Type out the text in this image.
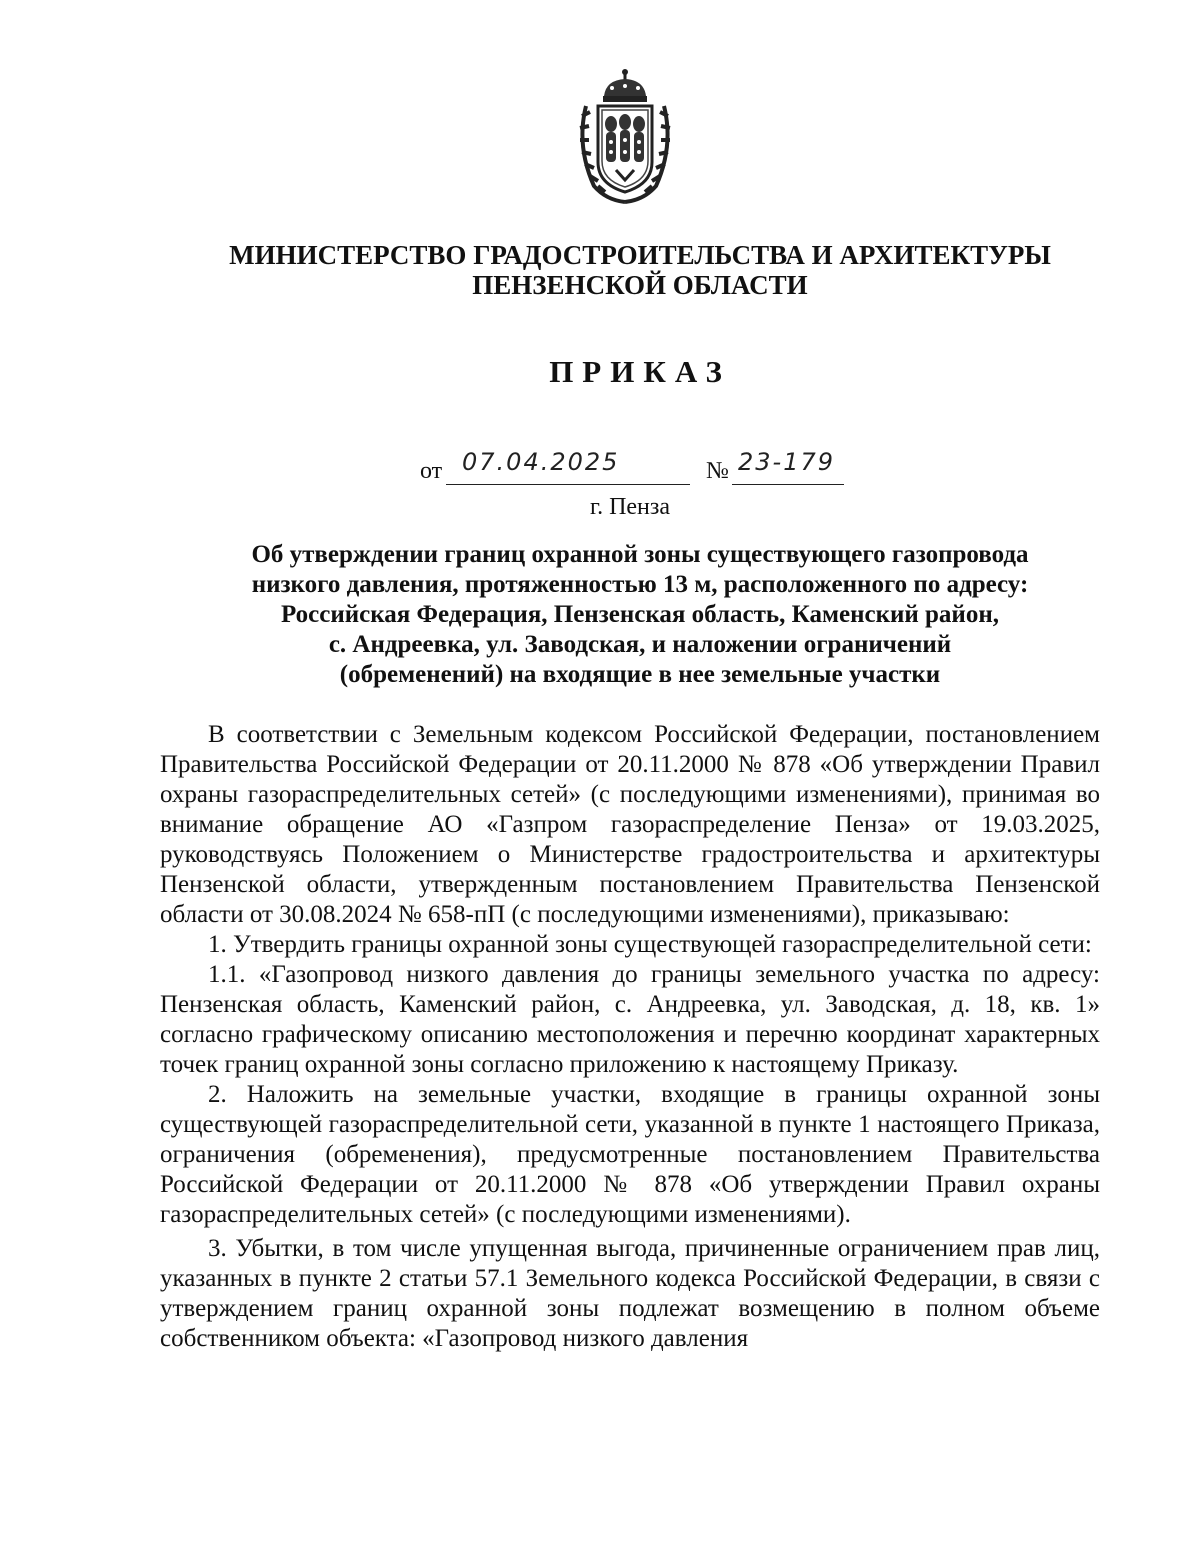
МИНИСТЕРСТВО ГРАДОСТРОИТЕЛЬСТВА И АРХИТЕКТУРЫ
ПЕНЗЕНСКОЙ ОБЛАСТИ
ПРИКАЗ
от 07.04.2025	№ 23-179
г. Пенза
Об утверждении границ охранной зоны существующего газопровода
низкого давления, протяженностью 13 м, расположенного по адресу:
Российская Федерация, Пензенская область, Каменский район,
с. Андреевка, ул. Заводская, и наложении ограничений
(обременений) на входящие в нее земельные участки

В соответствии с Земельным кодексом Российской Федерации, постановлением Правительства Российской Федерации от 20.11.2000 № 878 «Об утверждении Правил охраны газораспределительных сетей» (с последующими изменениями), принимая во внимание обращение АО «Газпром газораспределение Пенза» от 19.03.2025, руководствуясь Положением о Министерстве градостроительства и архитектуры Пензенской области, утвержденным постановлением Правительства Пензенской области от 30.08.2024 № 658-пП (с последующими изменениями), приказываю:

1. Утвердить границы охранной зоны существующей газораспределительной сети:

1.1. «Газопровод низкого давления до границы земельного участка по адресу: Пензенская область, Каменский район, с. Андреевка, ул. Заводская, д. 18, кв. 1» согласно графическому описанию местоположения и перечню координат характерных точек границ охранной зоны согласно приложению к настоящему Приказу.

2. Наложить на земельные участки, входящие в границы охранной зоны существующей газораспределительной сети, указанной в пункте 1 настоящего Приказа, ограничения (обременения), предусмотренные постановлением Правительства Российской Федерации от 20.11.2000 № 878 «Об утверждении Правил охраны газораспределительных сетей» (с последующими изменениями).

3. Убытки, в том числе упущенная выгода, причиненные ограничением прав лиц, указанных в пункте 2 статьи 57.1 Земельного кодекса Российской Федерации, в связи с утверждением границ охранной зоны подлежат возмещению в полном объеме собственником объекта: «Газопровод низкого давления
